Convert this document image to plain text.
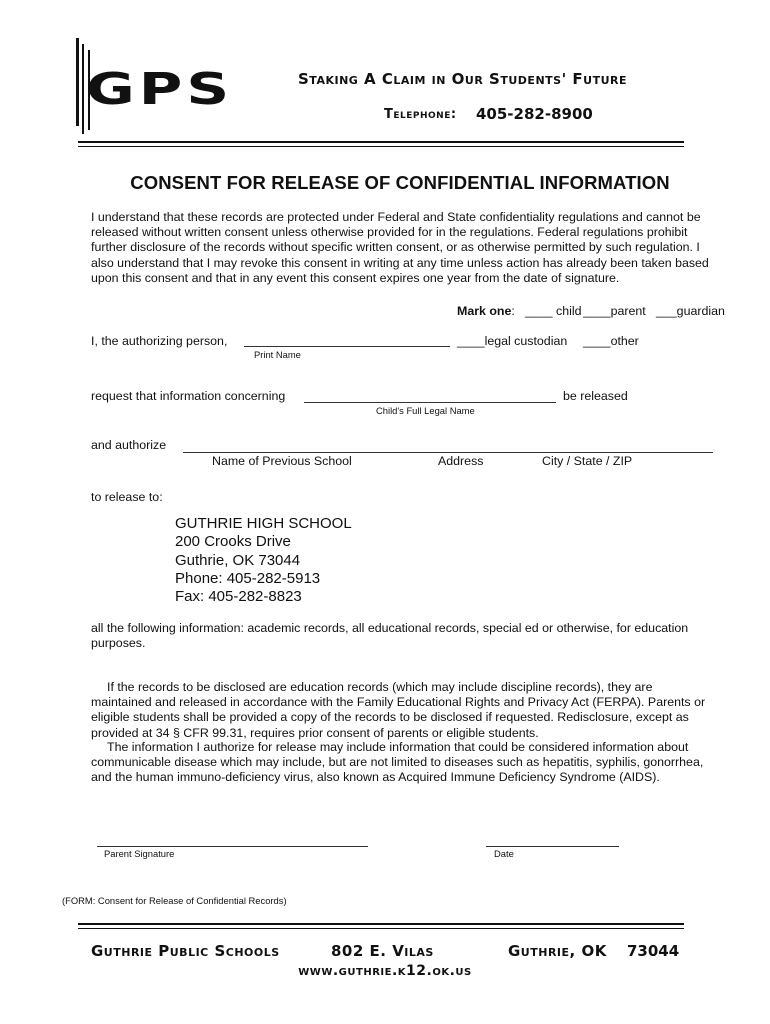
GPS	Staking A Claim in Our Students' Future
Telephone: 405-282-8900
CONSENT FOR RELEASE OF CONFIDENTIAL INFORMATION

I understand that these records are protected under Federal and State confidentiality regulations and cannot be released without written consent unless otherwise provided for in the regulations. Federal regulations prohibit further disclosure of the records without specific written consent, or as otherwise permitted by such regulation. I also understand that I may revoke this consent in writing at any time unless action has already been taken based upon this consent and that in any event this consent expires one year from the date of signature.

Mark one: ____ child ____parent ___guardian
I, the authorizing person,
Print Name
____legal custodian ____other
request that information concerning	be released
Child's Full Legal Name
and authorize
Name of Previous School	Address	City / State / ZIP
to release to:
GUTHRIE HIGH SCHOOL
200 Crooks Drive
Guthrie, OK 73044
Phone: 405-282-5913
Fax: 405-282-8823

all the following information: academic records, all educational records, special ed or otherwise, for education purposes.

If the records to be disclosed are education records (which may include discipline records), they are maintained and released in accordance with the Family Educational Rights and Privacy Act (FERPA). Parents or eligible students shall be provided a copy of the records to be disclosed if requested. Redisclosure, except as provided at 34 § CFR 99.31, requires prior consent of parents or eligible students.

The information I authorize for release may include information that could be considered information about communicable disease which may include, but are not limited to diseases such as hepatitis, syphilis, gonorrhea, and the human immuno-deficiency virus, also known as Acquired Immune Deficiency Syndrome (AIDS).

Parent Signature	Date
(FORM: Consent for Release of Confidential Records)
Guthrie Public Schools	802 E. Vilas	Guthrie, OK 73044
www.guthrie.k12.ok.us
